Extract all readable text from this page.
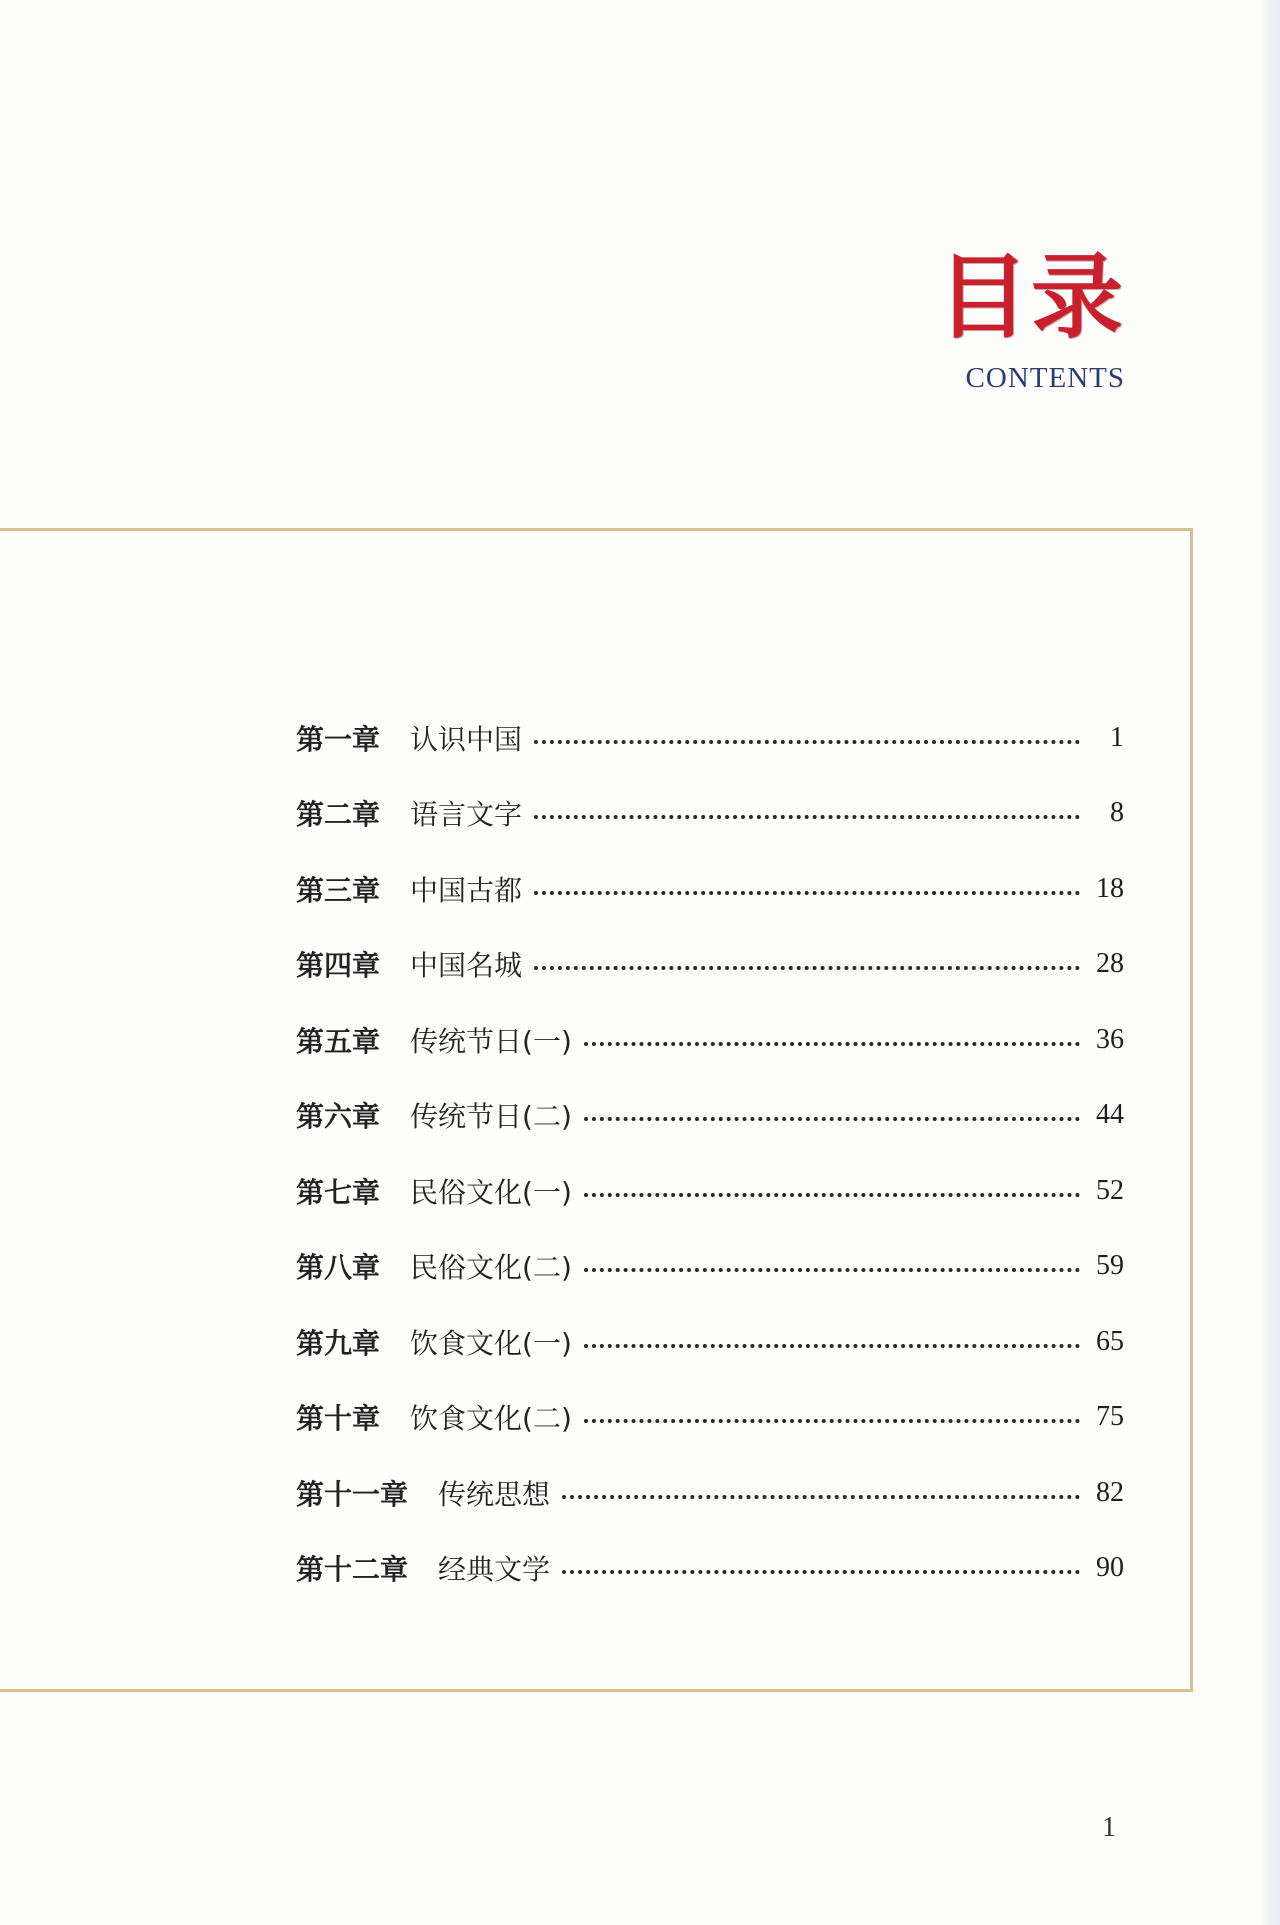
目录
CONTENTS
第一章 认识中国	1
第二章 语言文字	8
第三章 中国古都	18
第四章 中国名城	28
第五章 传统节日(一)	36
第六章 传统节日(二)	44
第七章 民俗文化(一)	52
第八章 民俗文化(二)	59
第九章 饮食文化(一)	65
第十章 饮食文化(二)	75
第十一章 传统思想	82
第十二章 经典文学	90
1
